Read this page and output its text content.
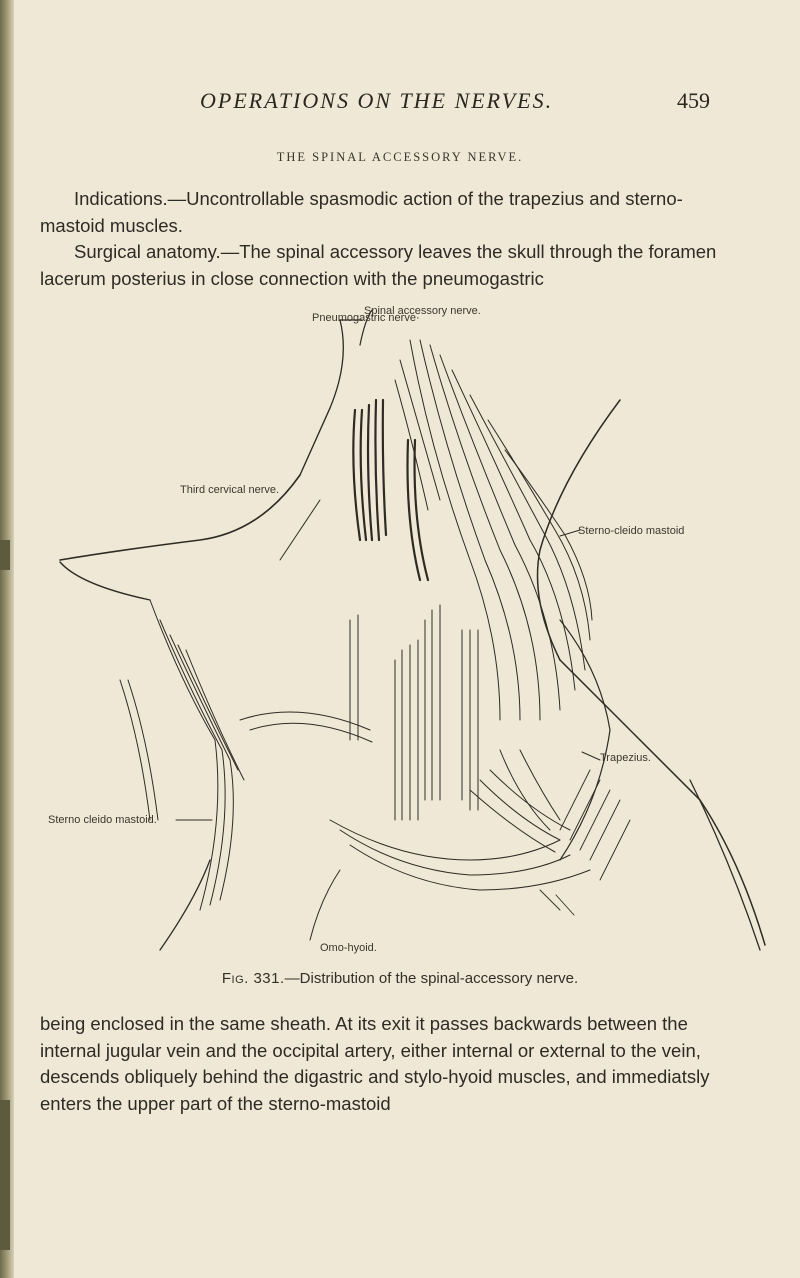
OPERATIONS ON THE NERVES.	459
THE SPINAL ACCESSORY NERVE.

Indications.—Uncontrollable spasmodic action of the trapezius and sterno-mastoid muscles.

Surgical anatomy.—The spinal accessory leaves the skull through the foramen lacerum posterius in close connection with the pneumogastric

Pneumogastric nerve·
Spinal accessory nerve.
Third cervical nerve.
Sterno-cleido mastoid
Sterno cleido mastoid.
Trapezius.
Omo-hyoid.
Fig. 331.—Distribution of the spinal-accessory nerve.

being enclosed in the same sheath. At its exit it passes backwards between the internal jugular vein and the occipital artery, either internal or external to the vein, descends obliquely behind the digastric and stylo-hyoid muscles, and immediatsly enters the upper part of the sterno-mastoid
